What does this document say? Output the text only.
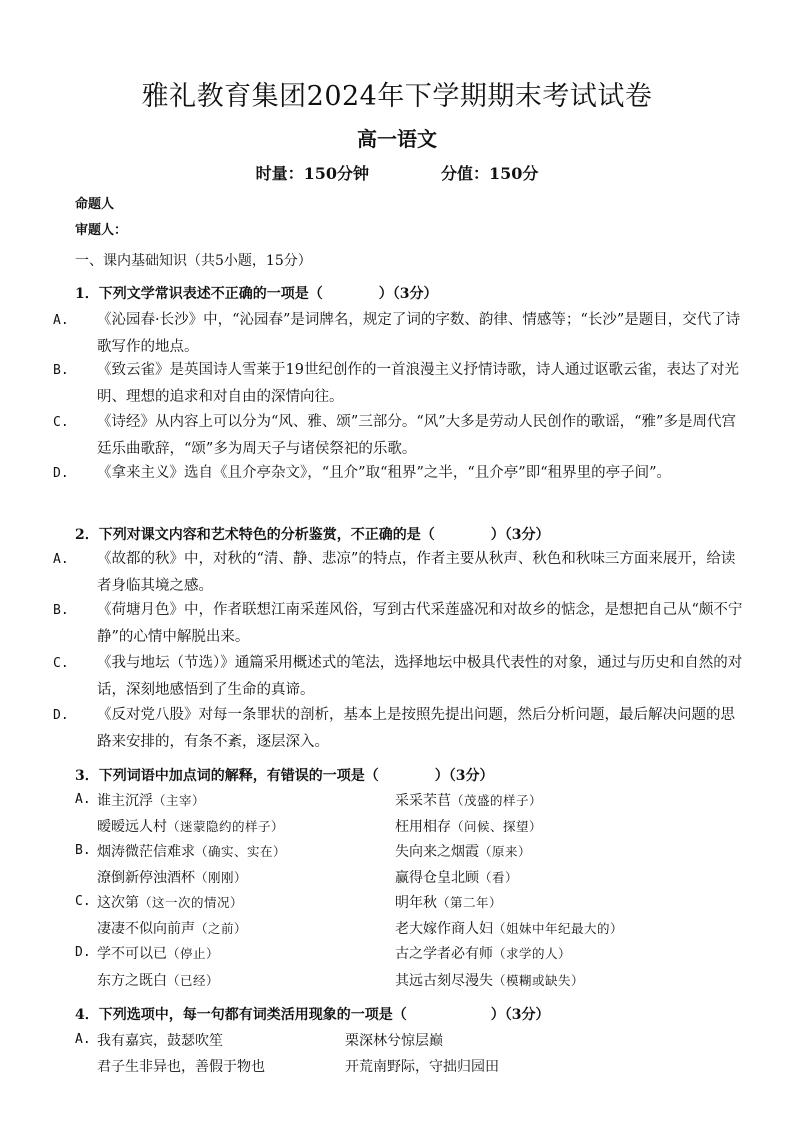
雅礼教育集团2024年下学期期末考试试卷
高一语文
时量：150分钟	分值：150分
命题人
审题人：
一、课内基础知识（共5小题，15分）
1．下列文学常识表述不正确的一项是（　　　　）（3分）
A. 《沁园春·长沙》中，“沁园春”是词牌名，规定了词的字数、韵律、情感等；“长沙”是题目，交代了诗歌写作的地点。
B. 《致云雀》是英国诗人雪莱于19世纪创作的一首浪漫主义抒情诗歌，诗人通过讴歌云雀，表达了对光明、理想的追求和对自由的深情向往。
C. 《诗经》从内容上可以分为“风、雅、颂”三部分。“风”大多是劳动人民创作的歌谣，“雅”多是周代宫廷乐曲歌辞，“颂”多为周天子与诸侯祭祀的乐歌。
D. 《拿来主义》选自《且介亭杂文》，“且介”取“租界”之半，“且介亭”即“租界里的亭子间”。
2．下列对课文内容和艺术特色的分析鉴赏，不正确的是（　　　　）（3分）
A. 《故都的秋》中，对秋的“清、静、悲凉”的特点，作者主要从秋声、秋色和秋味三方面来展开，给读者身临其境之感。
B. 《荷塘月色》中，作者联想江南采莲风俗，写到古代采莲盛况和对故乡的惦念，是想把自己从“颇不宁静”的心情中解脱出来。
C. 《我与地坛（节选）》通篇采用概述式的笔法，选择地坛中极具代表性的对象，通过与历史和自然的对话，深刻地感悟到了生命的真谛。
D. 《反对党八股》对每一条罪状的剖析，基本上是按照先提出问题，然后分析问题，最后解决问题的思路来安排的，有条不紊，逐层深入。
3．下列词语中加点词的解释，有错误的一项是（　　　　）（3分）
A. 谁主沉浮（主宰）	采采芣苢（茂盛的样子）
暧暧远人村（迷蒙隐约的样子）	枉用相存（问候、探望）
B. 烟涛微茫信难求（确实、实在）	失向来之烟霞（原来）
潦倒新停浊酒杯（刚刚）	赢得仓皇北顾（看）
C. 这次第（这一次的情况）	明年秋（第二年）
凄凄不似向前声（之前）	老大嫁作商人妇（姐妹中年纪最大的）
D. 学不可以已（停止）	古之学者必有师（求学的人）
东方之既白（已经）	其远古刻尽漫失（模糊或缺失）
4．下列选项中，每一句都有词类活用现象的一项是（　　　　　　）（3分）
A. 我有嘉宾，鼓瑟吹笙	栗深林兮惊层巅
君子生非异也，善假于物也	开荒南野际，守拙归园田
